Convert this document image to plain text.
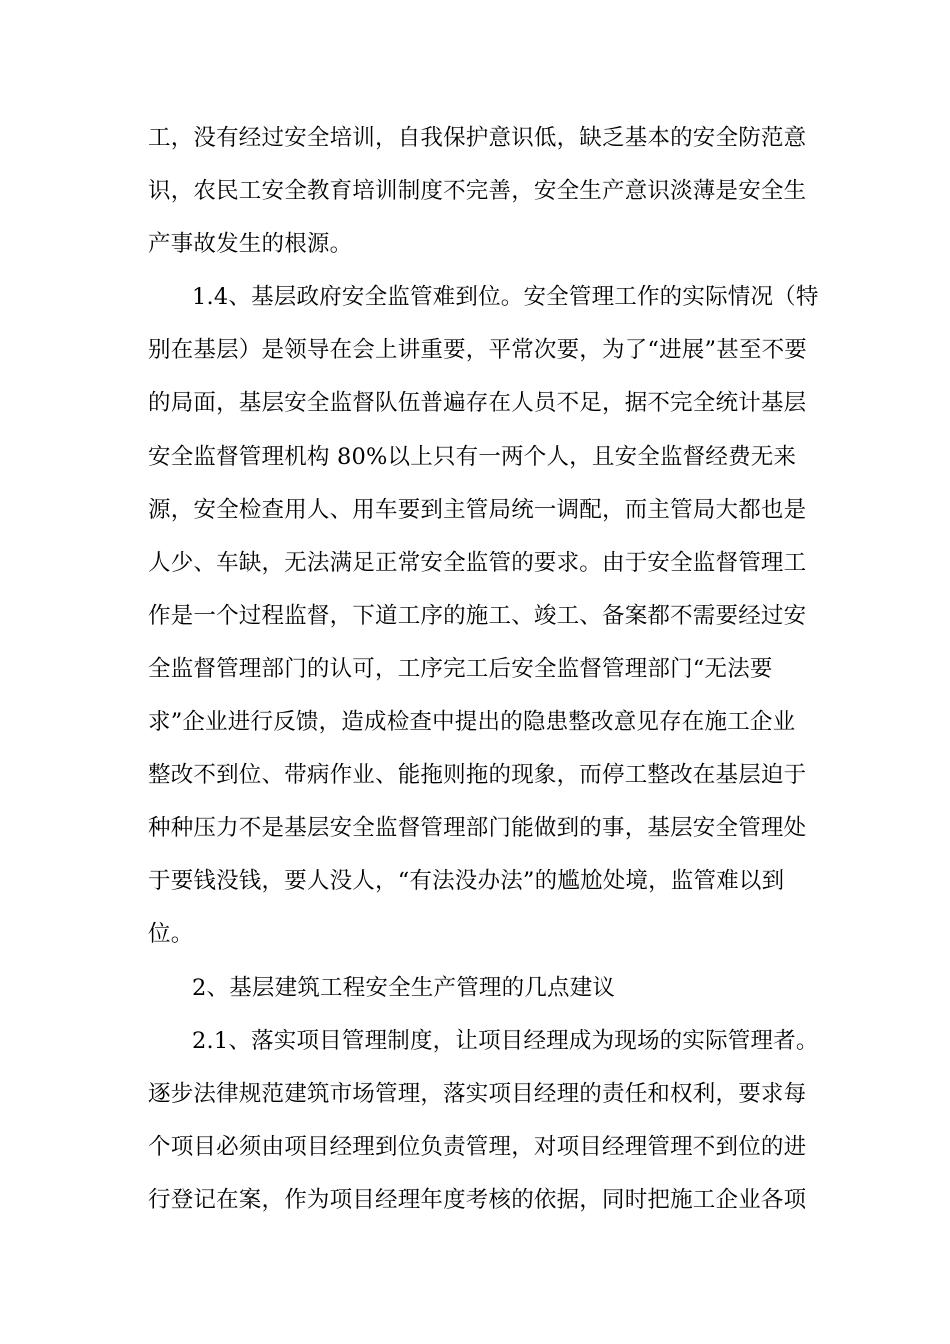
工，没有经过安全培训，自我保护意识低，缺乏基本的安全防范意
识，农民工安全教育培训制度不完善，安全生产意识淡薄是安全生
产事故发生的根源。
1.4、基层政府安全监管难到位。安全管理工作的实际情况（特
别在基层）是领导在会上讲重要，平常次要，为了“进展”甚至不要
的局面，基层安全监督队伍普遍存在人员不足，据不完全统计基层
安全监督管理机构 80%以上只有一两个人，且安全监督经费无来
源，安全检查用人、用车要到主管局统一调配，而主管局大都也是
人少、车缺，无法满足正常安全监管的要求。由于安全监督管理工
作是一个过程监督，下道工序的施工、竣工、备案都不需要经过安
全监督管理部门的认可，工序完工后安全监督管理部门“无法要
求”企业进行反馈，造成检查中提出的隐患整改意见存在施工企业
整改不到位、带病作业、能拖则拖的现象，而停工整改在基层迫于
种种压力不是基层安全监督管理部门能做到的事，基层安全管理处
于要钱没钱，要人没人，“有法没办法”的尴尬处境，监管难以到
位。
2、基层建筑工程安全生产管理的几点建议
2.1、落实项目管理制度，让项目经理成为现场的实际管理者。
逐步法律规范建筑市场管理，落实项目经理的责任和权利，要求每
个项目必须由项目经理到位负责管理，对项目经理管理不到位的进
行登记在案，作为项目经理年度考核的依据，同时把施工企业各项
